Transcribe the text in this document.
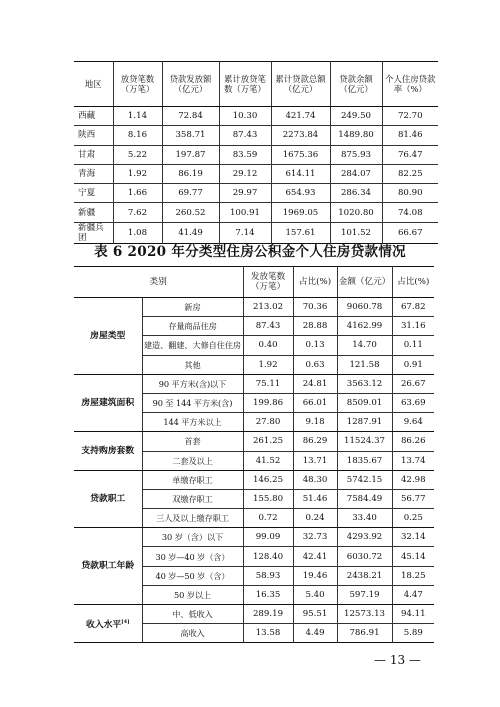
地区	放贷笔数（万笔）	贷款发放额（亿元）	累计放贷笔数（万笔）	累计贷款总额（亿元）	贷款余额（亿元）	个人住房贷款率（%）
西藏	1.14	72.84	10.30	421.74	249.50	72.70
陕西	8.16	358.71	87.43	2273.84	1489.80	81.46
甘肃	5.22	197.87	83.59	1675.36	875.93	76.47
青海	1.92	86.19	29.12	614.11	284.07	82.25
宁夏	1.66	69.77	29.97	654.93	286.34	80.90
新疆	7.62	260.52	100.91	1969.05	1020.80	74.08
新疆兵团	1.08	41.49	7.14	157.61	101.52	66.67
表 6 2020 年分类型住房公积金个人住房贷款情况
类别		发放笔数（万笔）	占比(%)	金额（亿元）	占比(%)
房屋类型	新房	213.02	70.36	9060.78	67.82
	存量商品住房	87.43	28.88	4162.99	31.16
	建造、翻建、大修自住住房	0.40	0.13	14.70	0.11
	其他	1.92	0.63	121.58	0.91
房屋建筑面积	90 平方米(含)以下	75.11	24.81	3563.12	26.67
	90 至 144 平方米(含)	199.86	66.01	8509.01	63.69
	144 平方米以上	27.80	9.18	1287.91	9.64
支持购房套数	首套	261.25	86.29	11524.37	86.26
	二套及以上	41.52	13.71	1835.67	13.74
贷款职工	单缴存职工	146.25	48.30	5742.15	42.98
	双缴存职工	155.80	51.46	7584.49	56.77
	三人及以上缴存职工	0.72	0.24	33.40	0.25
贷款职工年龄	30 岁（含）以下	99.09	32.73	4293.92	32.14
	30 岁—40 岁（含）	128.40	42.41	6030.72	45.14
	40 岁—50 岁（含）	58.93	19.46	2438.21	18.25
	50 岁以上	16.35	5.40	597.19	4.47
收入水平[4]	中、低收入	289.19	95.51	12573.13	94.11
	高收入	13.58	4.49	786.91	5.89
— 13 —
